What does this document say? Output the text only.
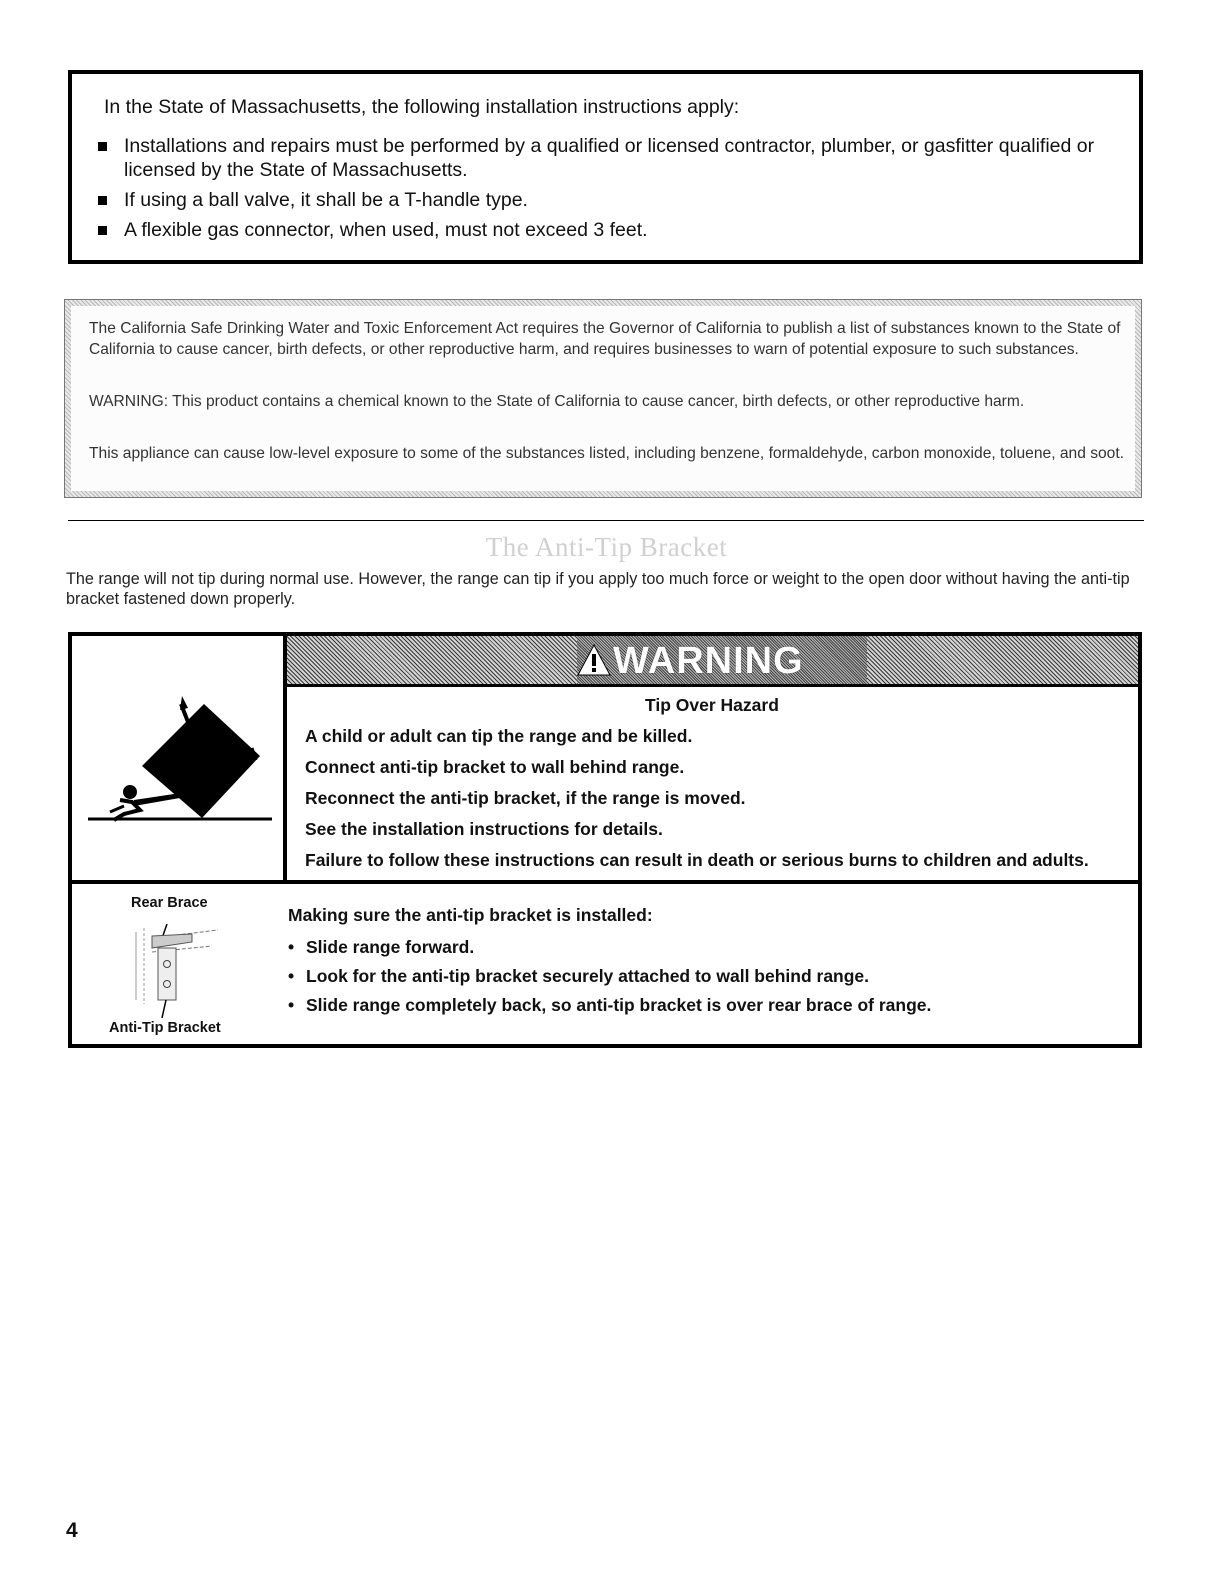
In the State of Massachusetts, the following installation instructions apply:

Installations and repairs must be performed by a qualified or licensed contractor, plumber, or gasfitter qualified or licensed by the State of Massachusetts.
If using a ball valve, it shall be a T-handle type.
A flexible gas connector, when used, must not exceed 3 feet.

The California Safe Drinking Water and Toxic Enforcement Act requires the Governor of California to publish a list of substances known to the State of California to cause cancer, birth defects, or other reproductive harm, and requires businesses to warn of potential exposure to such substances.

WARNING: This product contains a chemical known to the State of California to cause cancer, birth defects, or other reproductive harm.

This appliance can cause low-level exposure to some of the substances listed, including benzene, formaldehyde, carbon monoxide, toluene, and soot.

The Anti-Tip Bracket

The range will not tip during normal use. However, the range can tip if you apply too much force or weight to the open door without having the anti-tip bracket fastened down properly.

WARNING

Tip Over Hazard

A child or adult can tip the range and be killed.

Connect anti-tip bracket to wall behind range.

Reconnect the anti-tip bracket, if the range is moved.

See the installation instructions for details.

Failure to follow these instructions can result in death or serious burns to children and adults.

Rear Brace

Anti-Tip Bracket

Making sure the anti-tip bracket is installed:

• Slide range forward.
• Look for the anti-tip bracket securely attached to wall behind range.
• Slide range completely back, so anti-tip bracket is over rear brace of range.

4
